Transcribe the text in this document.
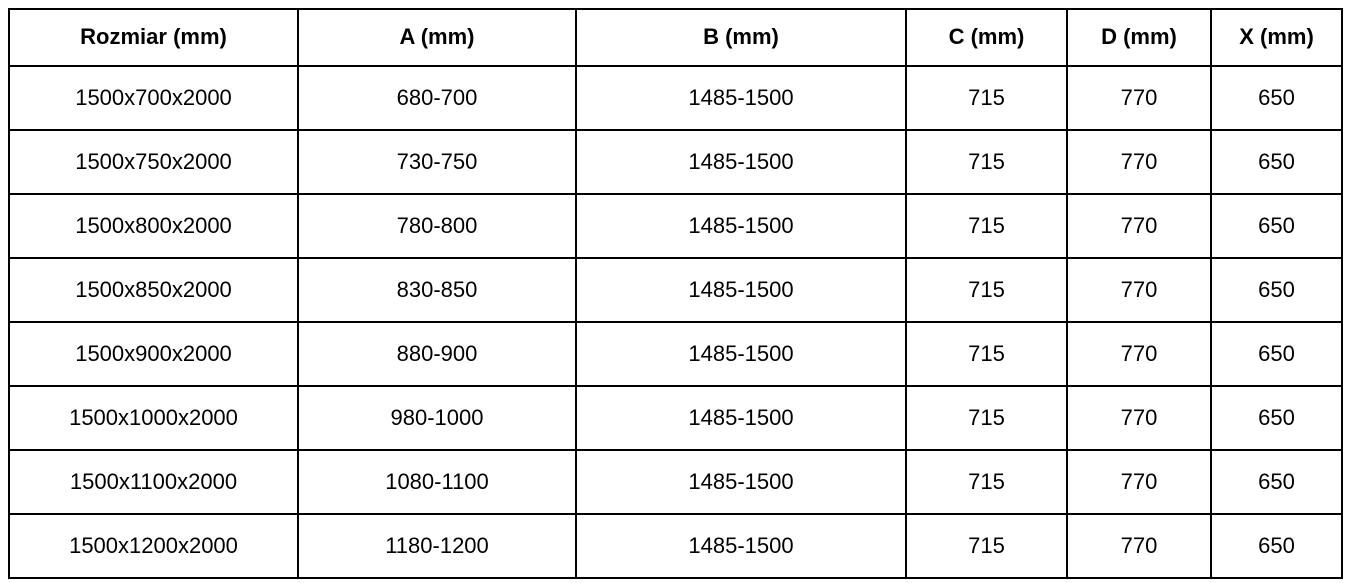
Rozmiar (mm)	A (mm)	B (mm)	C (mm)	D (mm)	X (mm)
1500x700x2000	680-700	1485-1500	715	770	650
1500x750x2000	730-750	1485-1500	715	770	650
1500x800x2000	780-800	1485-1500	715	770	650
1500x850x2000	830-850	1485-1500	715	770	650
1500x900x2000	880-900	1485-1500	715	770	650
1500x1000x2000	980-1000	1485-1500	715	770	650
1500x1100x2000	1080-1100	1485-1500	715	770	650
1500x1200x2000	1180-1200	1485-1500	715	770	650
